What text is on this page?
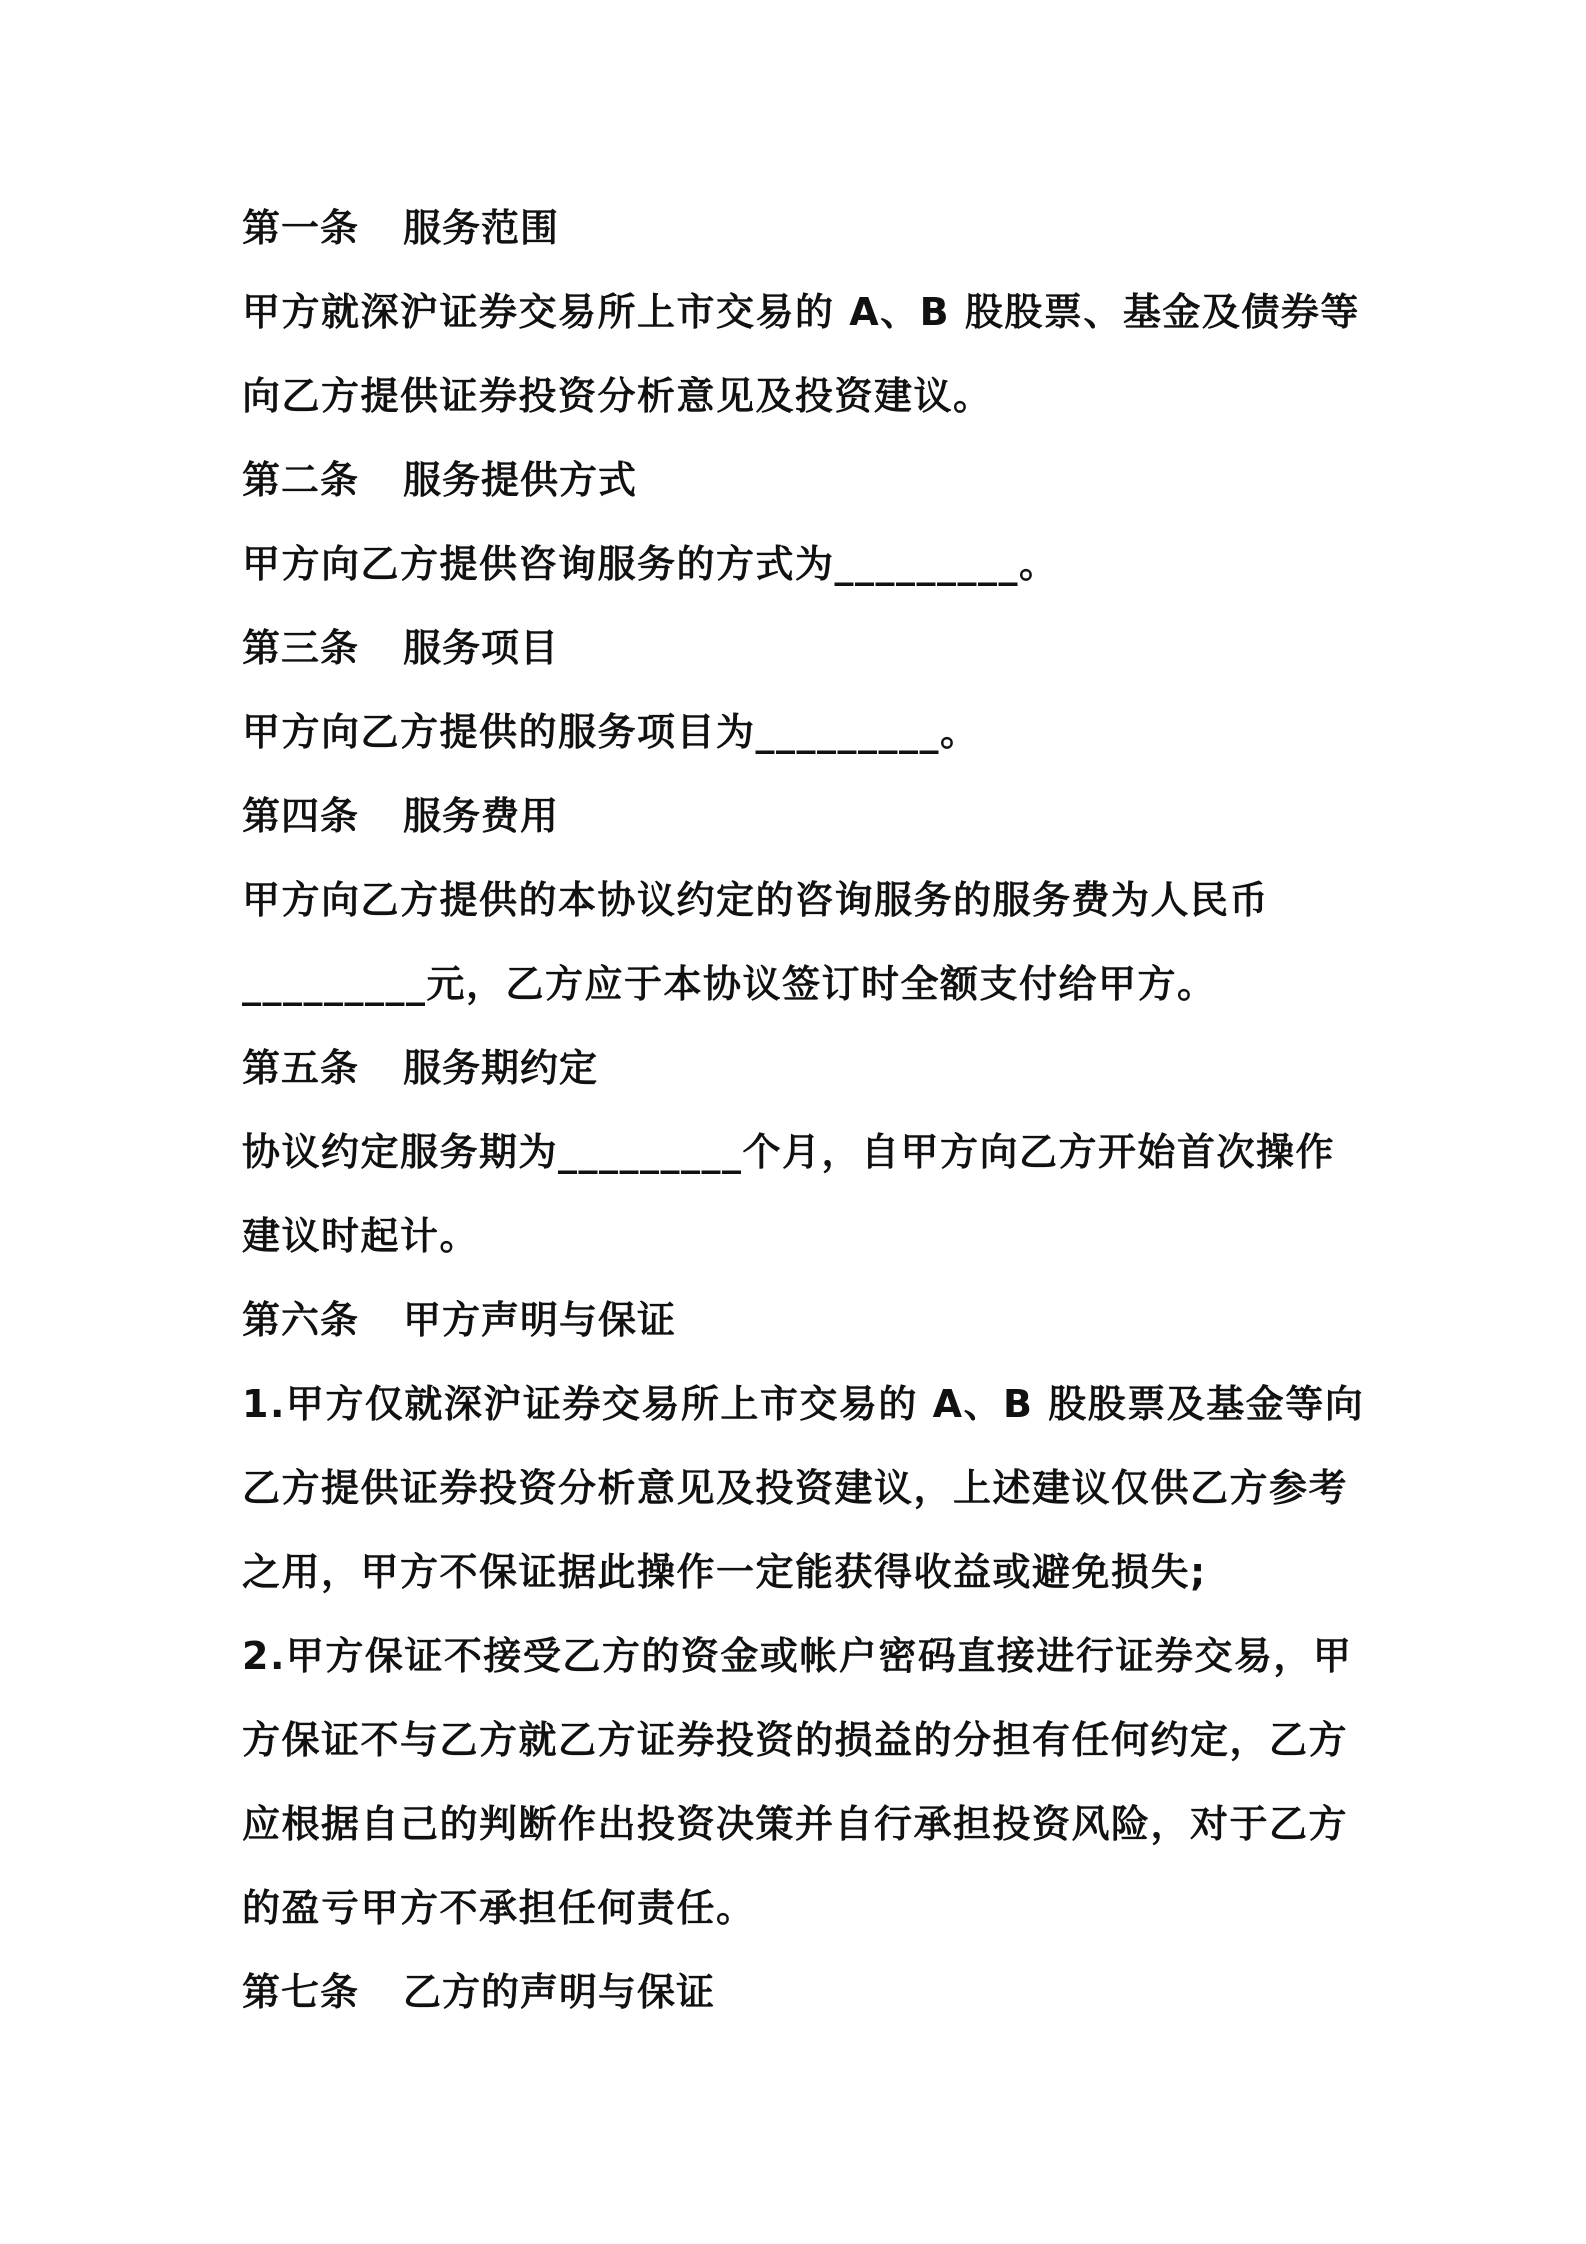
第一条 服务范围
甲方就深沪证券交易所上市交易的 A、B 股股票、基金及债券等
向乙方提供证券投资分析意见及投资建议。
第二条 服务提供方式
甲方向乙方提供咨询服务的方式为_________。
第三条 服务项目
甲方向乙方提供的服务项目为_________。
第四条 服务费用
甲方向乙方提供的本协议约定的咨询服务的服务费为人民币
_________元，乙方应于本协议签订时全额支付给甲方。
第五条 服务期约定
协议约定服务期为_________个月，自甲方向乙方开始首次操作
建议时起计。
第六条 甲方声明与保证
1.甲方仅就深沪证券交易所上市交易的 A、B 股股票及基金等向
乙方提供证券投资分析意见及投资建议，上述建议仅供乙方参考
之用，甲方不保证据此操作一定能获得收益或避免损失;
2.甲方保证不接受乙方的资金或帐户密码直接进行证券交易，甲
方保证不与乙方就乙方证券投资的损益的分担有任何约定，乙方
应根据自己的判断作出投资决策并自行承担投资风险，对于乙方
的盈亏甲方不承担任何责任。
第七条 乙方的声明与保证
